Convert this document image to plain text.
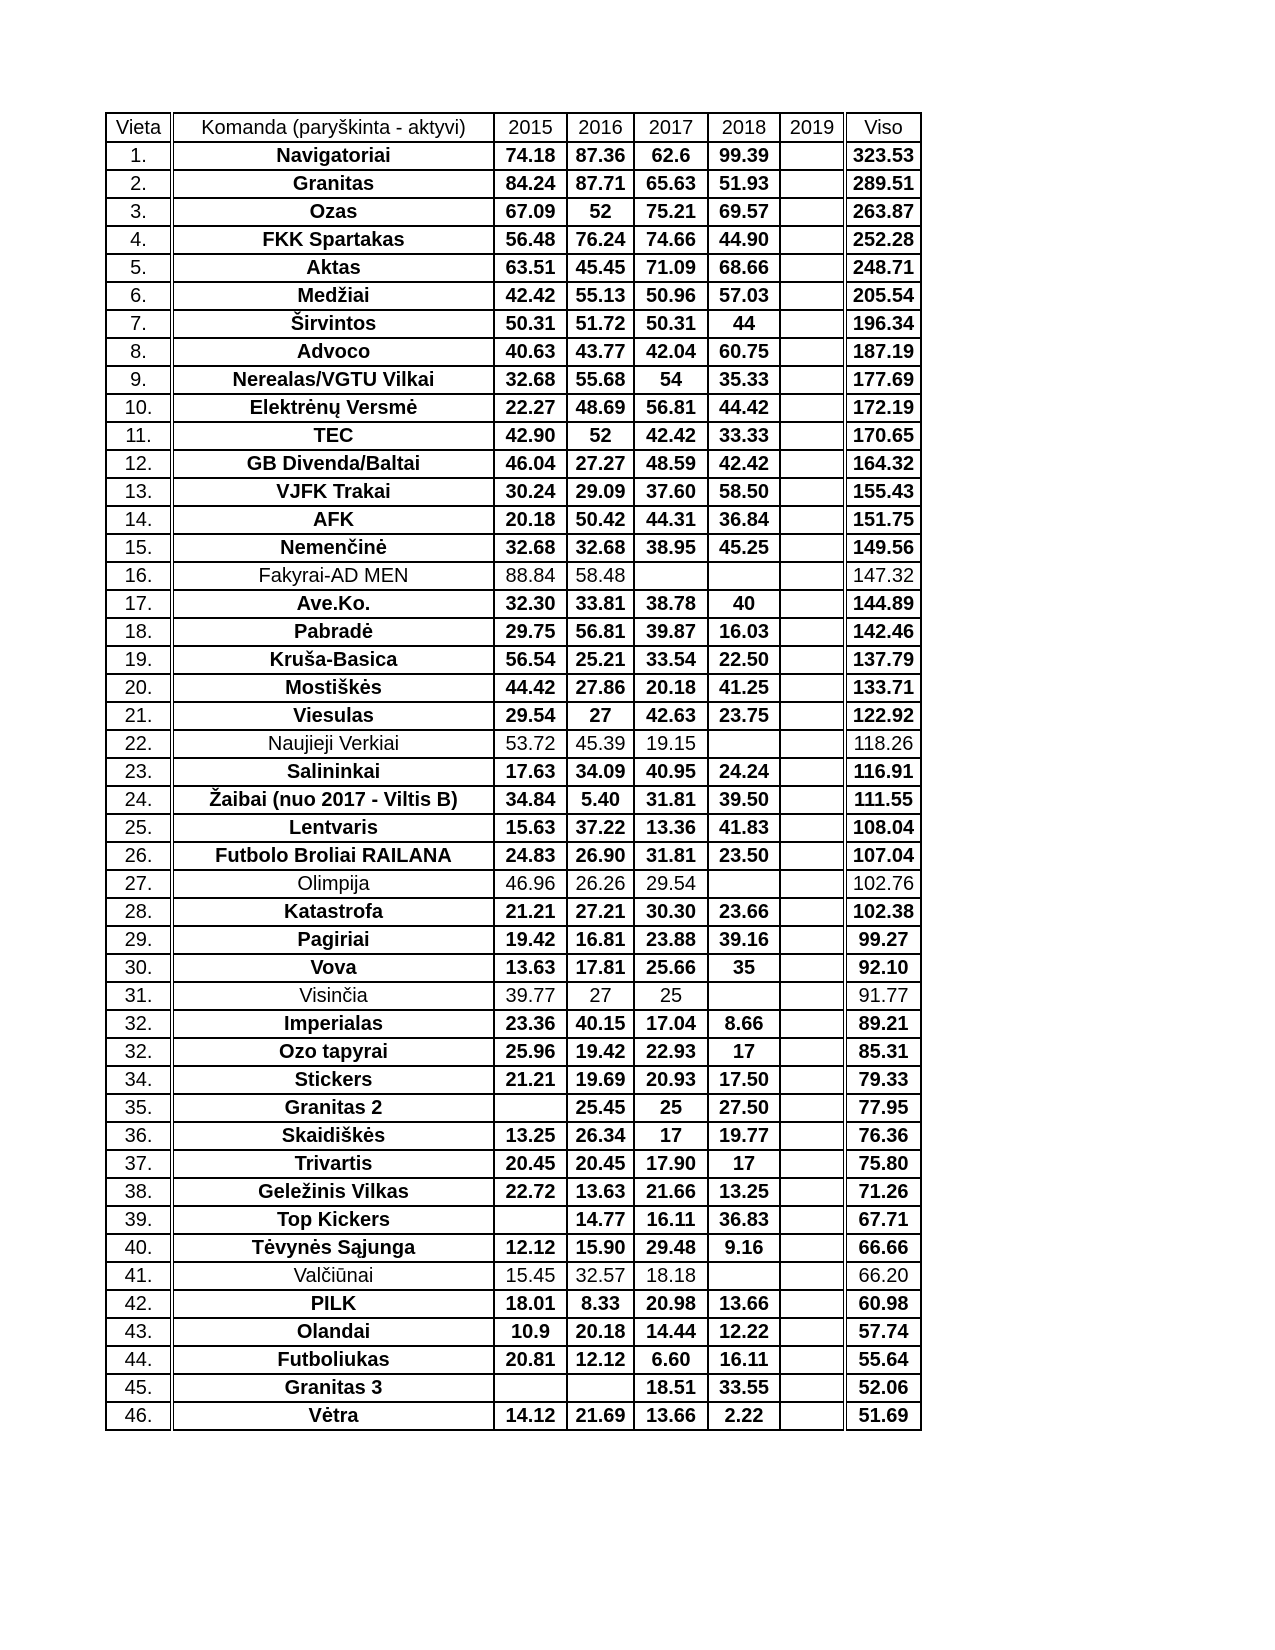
Vieta	Komanda (paryškinta - aktyvi)	2015	2016	2017	2018	2019	Viso
1.	Navigatoriai	74.18	87.36	62.6	99.39		323.53
2.	Granitas	84.24	87.71	65.63	51.93		289.51
3.	Ozas	67.09	52	75.21	69.57		263.87
4.	FKK Spartakas	56.48	76.24	74.66	44.90		252.28
5.	Aktas	63.51	45.45	71.09	68.66		248.71
6.	Medžiai	42.42	55.13	50.96	57.03		205.54
7.	Širvintos	50.31	51.72	50.31	44		196.34
8.	Advoco	40.63	43.77	42.04	60.75		187.19
9.	Nerealas/VGTU Vilkai	32.68	55.68	54	35.33		177.69
10.	Elektrėnų Versmė	22.27	48.69	56.81	44.42		172.19
11.	TEC	42.90	52	42.42	33.33		170.65
12.	GB Divenda/Baltai	46.04	27.27	48.59	42.42		164.32
13.	VJFK Trakai	30.24	29.09	37.60	58.50		155.43
14.	AFK	20.18	50.42	44.31	36.84		151.75
15.	Nemenčinė	32.68	32.68	38.95	45.25		149.56
16.	Fakyrai-AD MEN	88.84	58.48				147.32
17.	Ave.Ko.	32.30	33.81	38.78	40		144.89
18.	Pabradė	29.75	56.81	39.87	16.03		142.46
19.	Kruša-Basica	56.54	25.21	33.54	22.50		137.79
20.	Mostiškės	44.42	27.86	20.18	41.25		133.71
21.	Viesulas	29.54	27	42.63	23.75		122.92
22.	Naujieji Verkiai	53.72	45.39	19.15			118.26
23.	Salininkai	17.63	34.09	40.95	24.24		116.91
24.	Žaibai (nuo 2017 - Viltis B)	34.84	5.40	31.81	39.50		111.55
25.	Lentvaris	15.63	37.22	13.36	41.83		108.04
26.	Futbolo Broliai RAILANA	24.83	26.90	31.81	23.50		107.04
27.	Olimpija	46.96	26.26	29.54			102.76
28.	Katastrofa	21.21	27.21	30.30	23.66		102.38
29.	Pagiriai	19.42	16.81	23.88	39.16		99.27
30.	Vova	13.63	17.81	25.66	35		92.10
31.	Visinčia	39.77	27	25			91.77
32.	Imperialas	23.36	40.15	17.04	8.66		89.21
32.	Ozo tapyrai	25.96	19.42	22.93	17		85.31
34.	Stickers	21.21	19.69	20.93	17.50		79.33
35.	Granitas 2		25.45	25	27.50		77.95
36.	Skaidiškės	13.25	26.34	17	19.77		76.36
37.	Trivartis	20.45	20.45	17.90	17		75.80
38.	Geležinis Vilkas	22.72	13.63	21.66	13.25		71.26
39.	Top Kickers		14.77	16.11	36.83		67.71
40.	Tėvynės Sąjunga	12.12	15.90	29.48	9.16		66.66
41.	Valčiūnai	15.45	32.57	18.18			66.20
42.	PILK	18.01	8.33	20.98	13.66		60.98
43.	Olandai	10.9	20.18	14.44	12.22		57.74
44.	Futboliukas	20.81	12.12	6.60	16.11		55.64
45.	Granitas 3			18.51	33.55		52.06
46.	Vėtra	14.12	21.69	13.66	2.22		51.69
